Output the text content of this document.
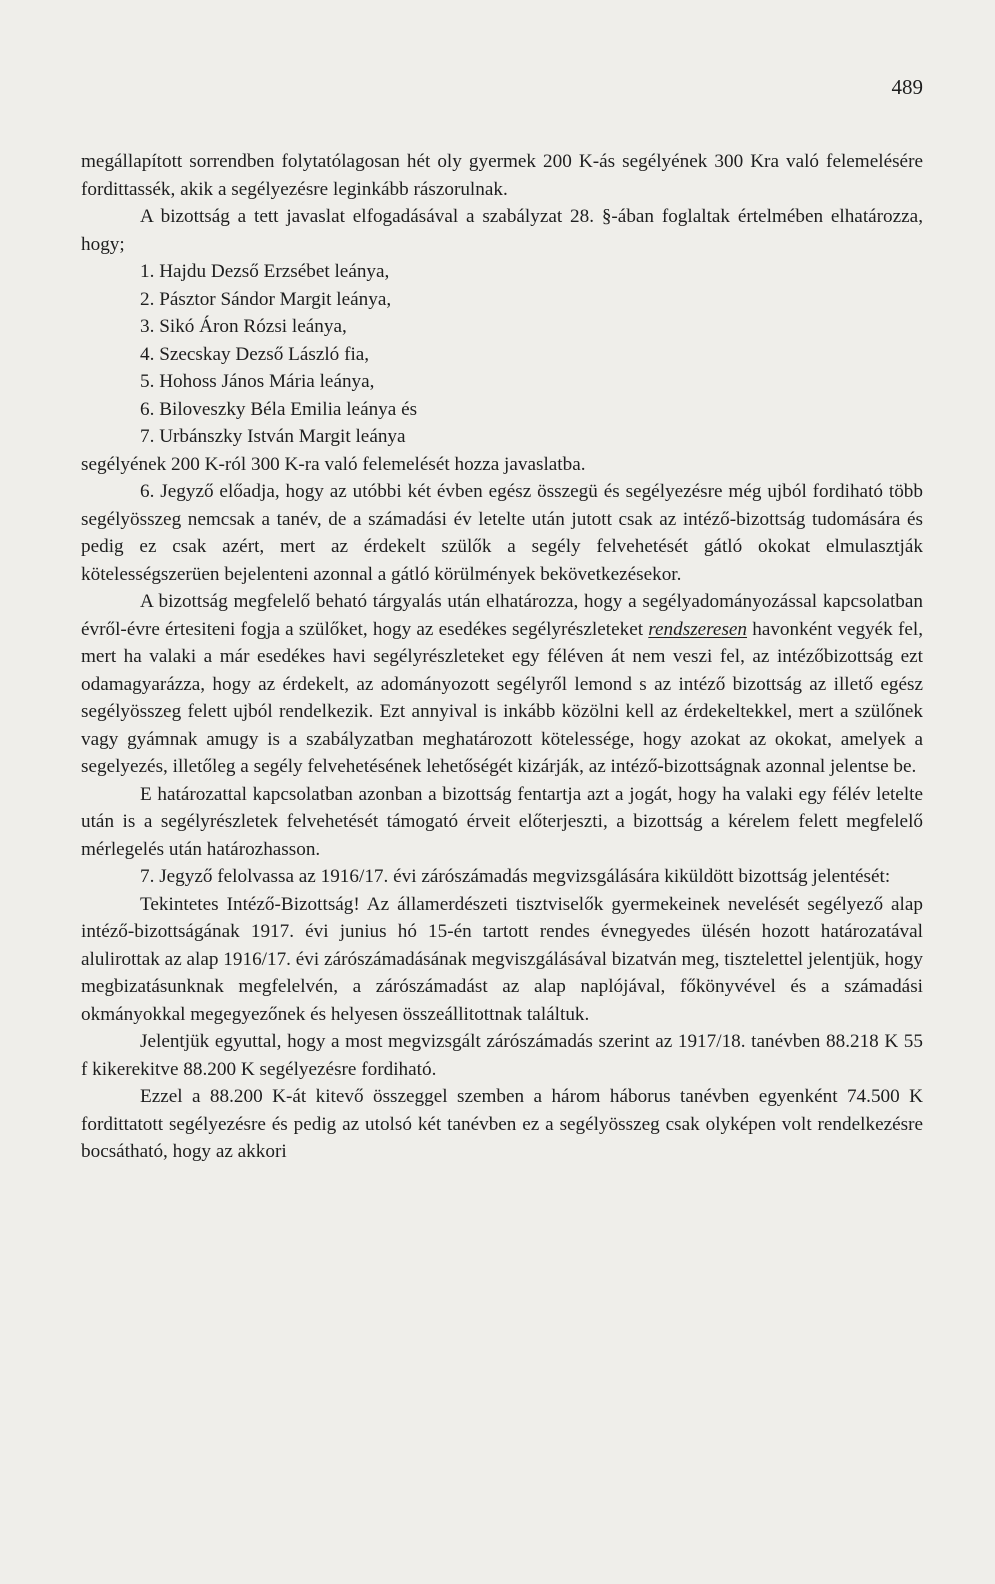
489

megállapított sorrendben folytatólagosan hét oly gyermek 200 K-ás segélyének 300 Kra való felemelésére fordittassék, akik a segélyezésre leginkább rászorulnak.

A bizottság a tett javaslat elfogadásával a szabályzat 28. §-ában foglaltak értelmében elhatározza, hogy;

1. Hajdu Dezső Erzsébet leánya,
2. Pásztor Sándor Margit leánya,
3. Sikó Áron Rózsi leánya,
4. Szecskay Dezső László fia,
5. Hohoss János Mária leánya,
6. Biloveszky Béla Emilia leánya és
7. Urbánszky István Margit leánya

segélyének 200 K-ról 300 K-ra való felemelését hozza javaslatba.

6. Jegyző előadja, hogy az utóbbi két évben egész összegü és segélyezésre még ujból fordiható több segélyösszeg nemcsak a tanév, de a számadási év letelte után jutott csak az intéző-bizottság tudomására és pedig ez csak azért, mert az érdekelt szülők a segély felvehetését gátló okokat elmulasztják kötelességszerüen bejelenteni azonnal a gátló körülmények bekövetkezésekor.

A bizottság megfelelő beható tárgyalás után elhatározza, hogy a segélyadományozással kapcsolatban évről-évre értesiteni fogja a szülőket, hogy az esedékes segélyrészleteket rendszeresen havonként vegyék fel, mert ha valaki a már esedékes havi segélyrészleteket egy féléven át nem veszi fel, az intézőbizottság ezt odamagyarázza, hogy az érdekelt, az adományozott segélyről lemond s az intéző bizottság az illető egész segélyösszeg felett ujból rendelkezik. Ezt annyival is inkább közölni kell az érdekeltekkel, mert a szülőnek vagy gyámnak amugy is a szabályzatban meghatározott kötelessége, hogy azokat az okokat, amelyek a segelyezés, illetőleg a segély felvehetésének lehetőségét kizárják, az intéző-bizottságnak azonnal jelentse be.

E határozattal kapcsolatban azonban a bizottság fentartja azt a jogát, hogy ha valaki egy félév letelte után is a segélyrészletek felvehetését támogató érveit előterjeszti, a bizottság a kérelem felett megfelelő mérlegelés után határozhasson.

7. Jegyző felolvassa az 1916/17. évi zárószámadás megvizsgálására kiküldött bizottság jelentését:

Tekintetes Intéző-Bizottság! Az államerdészeti tisztviselők gyermekeinek nevelését segélyező alap intéző-bizottságának 1917. évi junius hó 15-én tartott rendes évnegyedes ülésén hozott határozatával alulirottak az alap 1916/17. évi zárószámadásának megviszgálásával bizatván meg, tisztelettel jelentjük, hogy megbizatásunknak megfelelvén, a zárószámadást az alap naplójával, főkönyvével és a számadási okmányokkal megegyezőnek és helyesen összeállitottnak találtuk.

Jelentjük egyuttal, hogy a most megvizsgált zárószámadás szerint az 1917/18. tanévben 88.218 K 55 f kikerekitve 88.200 K segélyezésre fordiható.

Ezzel a 88.200 K-át kitevő összeggel szemben a három háborus tanévben egyenként 74.500 K fordittatott segélyezésre és pedig az utolsó két tanévben ez a segélyösszeg csak olyképen volt rendelkezésre bocsátható, hogy az akkori
